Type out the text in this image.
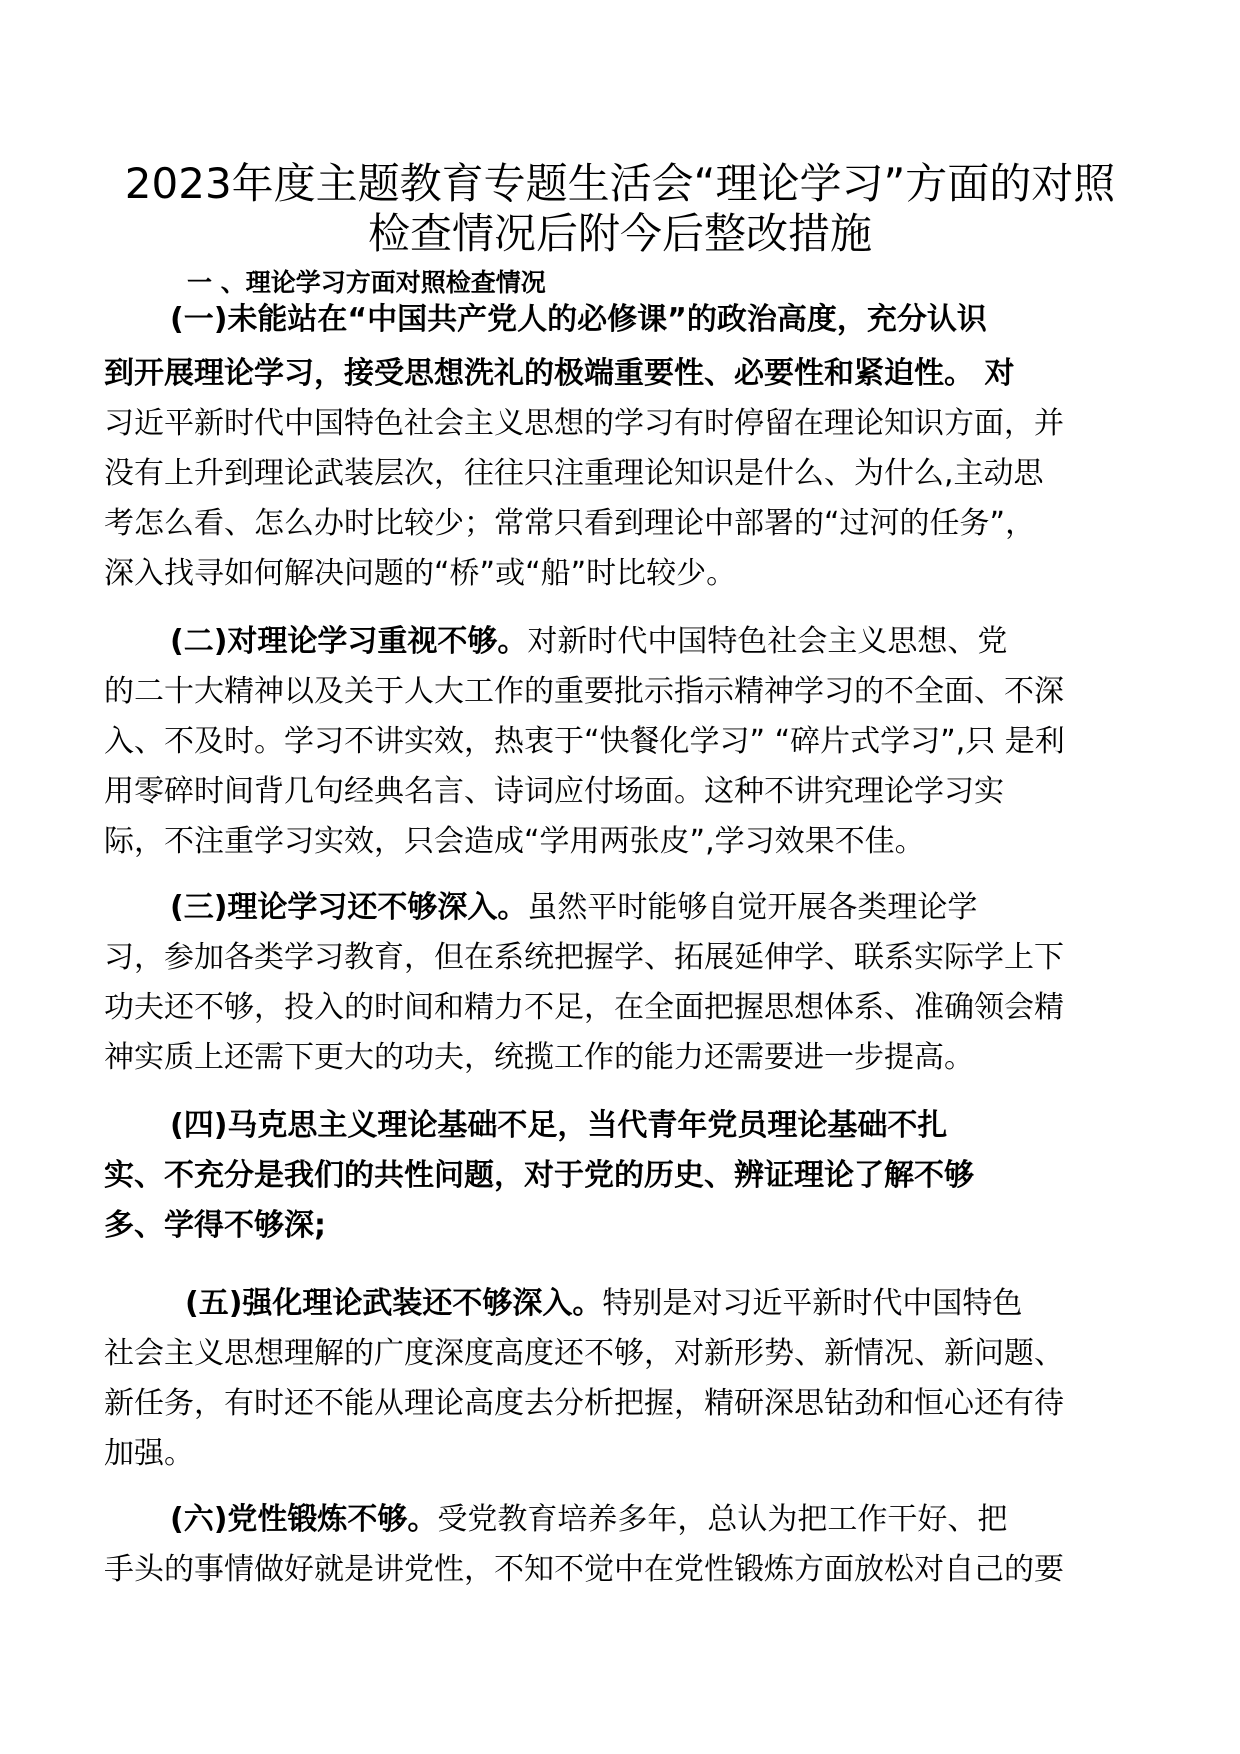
2023年度主题教育专题生活会“理论学习”方面的对照
检查情况后附今后整改措施
一 、理论学习方面对照检查情况
(一)未能站在“中国共产党人的必修课”的政治高度，充分认识
到开展理论学习，接受思想洗礼的极端重要性、必要性和紧迫性。 对
习近平新时代中国特色社会主义思想的学习有时停留在理论知识方面，并
没有上升到理论武装层次，往往只注重理论知识是什么、为什么,主动思
考怎么看、怎么办时比较少；常常只看到理论中部署的“过河的任务”，
深入找寻如何解决问题的“桥”或“船”时比较少。
(二)对理论学习重视不够。对新时代中国特色社会主义思想、党
的二十大精神以及关于人大工作的重要批示指示精神学习的不全面、不深
入、不及时。学习不讲实效，热衷于“快餐化学习” “碎片式学习”,只 是利
用零碎时间背几句经典名言、诗词应付场面。这种不讲究理论学习实
际，不注重学习实效，只会造成“学用两张皮”,学习效果不佳。
(三)理论学习还不够深入。虽然平时能够自觉开展各类理论学
习，参加各类学习教育，但在系统把握学、拓展延伸学、联系实际学上下
功夫还不够，投入的时间和精力不足，在全面把握思想体系、准确领会精
神实质上还需下更大的功夫，统揽工作的能力还需要进一步提高。
(四)马克思主义理论基础不足，当代青年党员理论基础不扎
实、不充分是我们的共性问题，对于党的历史、辨证理论了解不够
多、学得不够深;
(五)强化理论武装还不够深入。特别是对习近平新时代中国特色
社会主义思想理解的广度深度高度还不够，对新形势、新情况、新问题、
新任务，有时还不能从理论高度去分析把握，精研深思钻劲和恒心还有待
加强。
(六)党性锻炼不够。受党教育培养多年，总认为把工作干好、把
手头的事情做好就是讲党性，不知不觉中在党性锻炼方面放松对自己的要
